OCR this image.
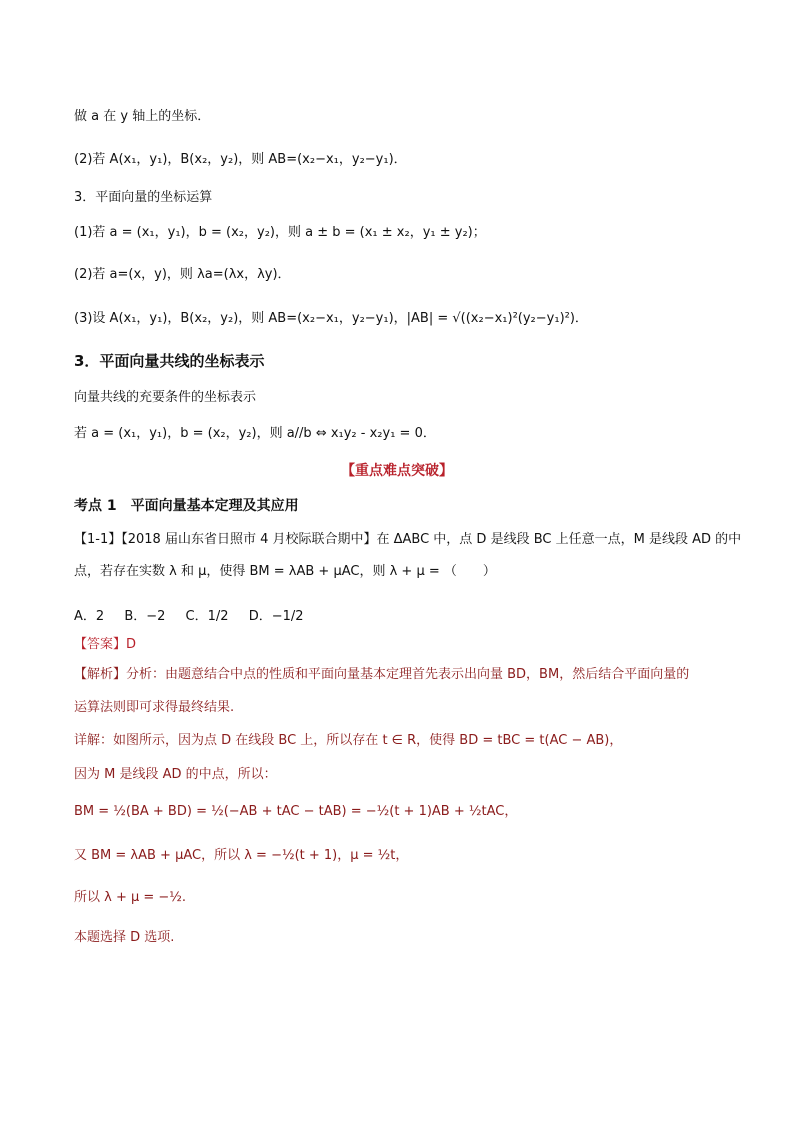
做 a 在 y 轴上的坐标．
(2)若 A(x₁，y₁)，B(x₂，y₂)，则 AB=(x₂−x₁，y₂−y₁)．
3．平面向量的坐标运算
(1)若 a = (x₁，y₁)，b = (x₂，y₂)，则 a ± b = (x₁ ± x₂，y₁ ± y₂)；
(2)若 a=(x，y)，则 λa=(λx，λy)．
(3)设 A(x₁，y₁)，B(x₂，y₂)，则 AB=(x₂−x₁，y₂−y₁)，|AB| = √((x₂−x₁)²(y₂−y₁)²)．
3．平面向量共线的坐标表示
向量共线的充要条件的坐标表示
若 a = (x₁，y₁)，b = (x₂，y₂)，则 a//b ⇔ x₁y₂ - x₂y₁ = 0．
【重点难点突破】
考点 1　平面向量基本定理及其应用
【1-1】【2018 届山东省日照市 4 月校际联合期中】在 ΔABC 中，点 D 是线段 BC 上任意一点，M 是线段 AD 的中
点，若存在实数 λ 和 μ，使得 BM = λAB + μAC，则 λ + μ = （　　）
A．2 B．−2 C．1/2 D．−1/2
【答案】D
【解析】分析：由题意结合中点的性质和平面向量基本定理首先表示出向量 BD，BM，然后结合平面向量的
运算法则即可求得最终结果.
详解：如图所示，因为点 D 在线段 BC 上，所以存在 t ∈ R，使得 BD = tBC = t(AC − AB)，
因为 M 是线段 AD 的中点，所以：
BM = ½(BA + BD) = ½(−AB + tAC − tAB) = −½(t + 1)AB + ½tAC，
又 BM = λAB + μAC，所以 λ = −½(t + 1)，μ = ½t，
所以 λ + μ = −½.
本题选择 D 选项.
